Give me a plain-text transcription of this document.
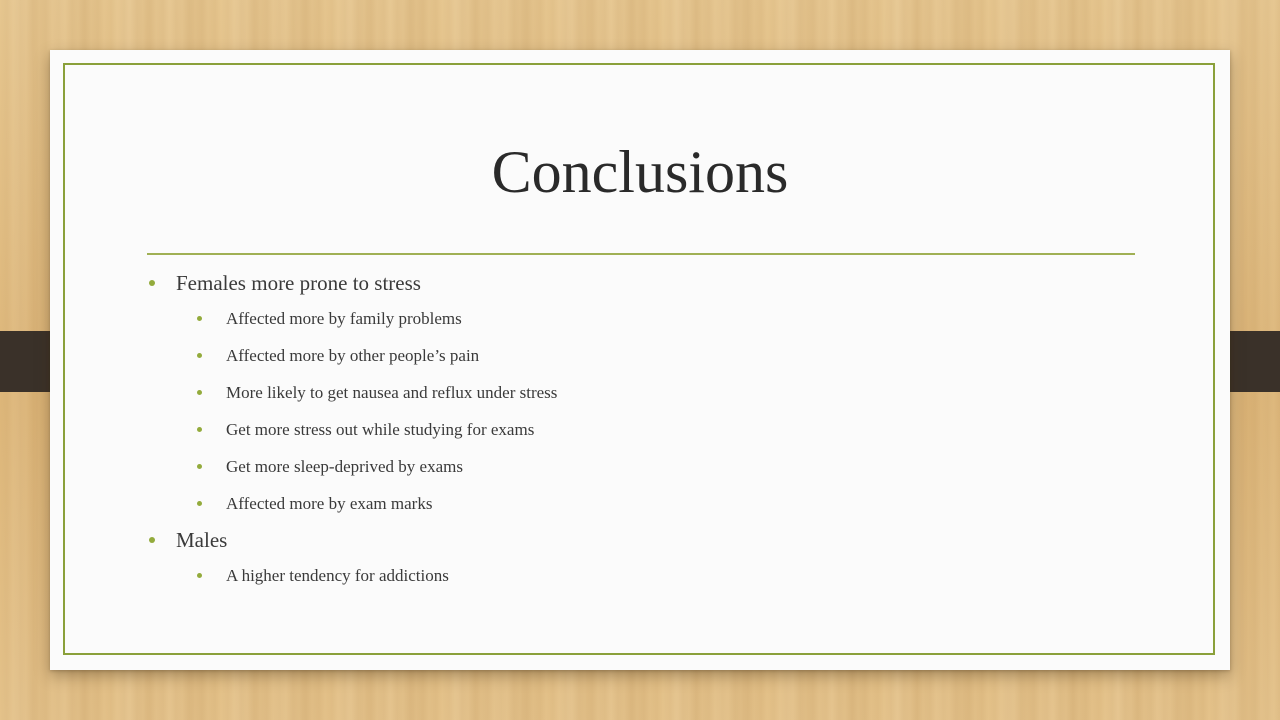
Conclusions
Females more prone to stress
Affected more by family problems
Affected more by other people’s pain
More likely to get nausea and reflux under stress
Get more stress out while studying for exams
Get more sleep-deprived by exams
Affected more by exam marks
Males
A higher tendency for addictions
